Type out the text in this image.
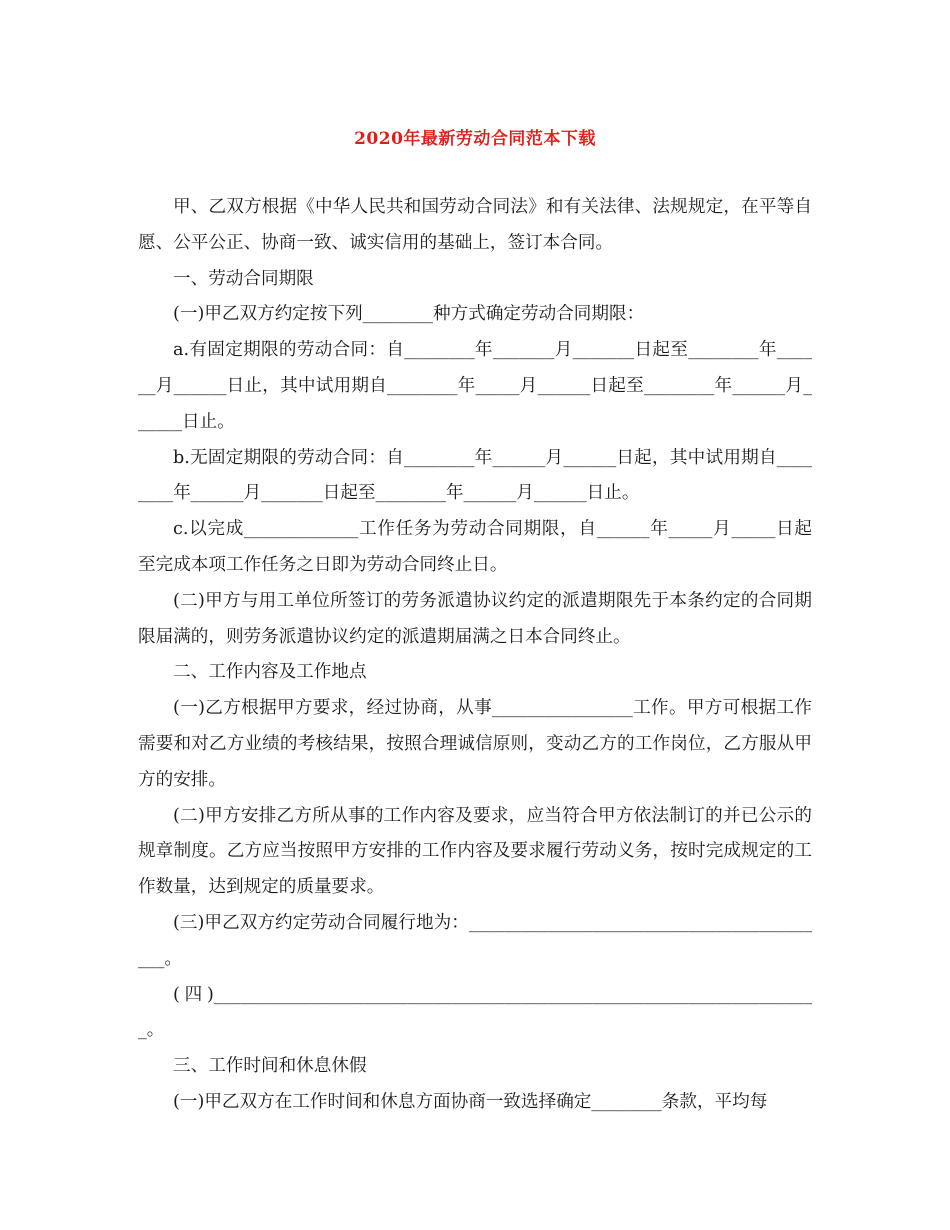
2020年最新劳动合同范本下载

甲、乙双方根据《中华人民共和国劳动合同法》和有关法律、法规规定，在平等自愿、公平公正、协商一致、诚实信用的基础上，签订本合同。

一、劳动合同期限

(一)甲乙双方约定按下列________种方式确定劳动合同期限：

a.有固定期限的劳动合同：自________年_______月_______日起至________年______月______日止，其中试用期自________年_____月______日起至________年______月______日止。

b.无固定期限的劳动合同：自________年______月______日起，其中试用期自________年______月_______日起至________年______月______日止。

c.以完成_____________工作任务为劳动合同期限，自______年_____月_____日起至完成本项工作任务之日即为劳动合同终止日。

(二)甲方与用工单位所签订的劳务派遣协议约定的派遣期限先于本条约定的合同期限届满的，则劳务派遣协议约定的派遣期届满之日本合同终止。

二、工作内容及工作地点

(一)乙方根据甲方要求，经过协商，从事________________工作。甲方可根据工作需要和对乙方业绩的考核结果，按照合理诚信原则，变动乙方的工作岗位，乙方服从甲方的安排。

(二)甲方安排乙方所从事的工作内容及要求，应当符合甲方依法制订的并已公示的规章制度。乙方应当按照甲方安排的工作内容及要求履行劳动义务，按时完成规定的工作数量，达到规定的质量要求。

(三)甲乙双方约定劳动合同履行地为：__________________________________________。

(四)_____________________________________________________________________。

三、工作时间和休息休假

(一)甲乙双方在工作时间和休息方面协商一致选择确定________条款，平均每
